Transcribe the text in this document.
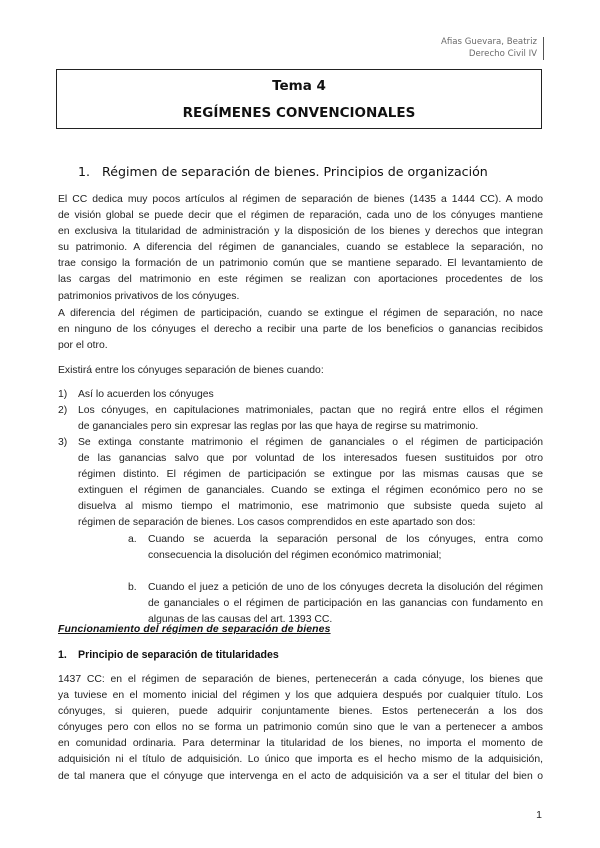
Afias Guevara, Beatriz
Derecho Civil IV
Tema 4
REGÍMENES CONVENCIONALES
1. Régimen de separación de bienes. Principios de organización
El CC dedica muy pocos artículos al régimen de separación de bienes (1435 a 1444 CC). A modo
de visión global se puede decir que el régimen de reparación, cada uno de los cónyuges mantiene
en exclusiva la titularidad de administración y la disposición de los bienes y derechos que integran
su patrimonio. A diferencia del régimen de gananciales, cuando se establece la separación, no
trae consigo la formación de un patrimonio común que se mantiene separado. El levantamiento de
las cargas del matrimonio en este régimen se realizan con aportaciones procedentes de los
patrimonios privativos de los cónyuges.
A diferencia del régimen de participación, cuando se extingue el régimen de separación, no nace
en ninguno de los cónyuges el derecho a recibir una parte de los beneficios o ganancias recibidos
por el otro.
Existirá entre los cónyuges separación de bienes cuando:
1)	Así lo acuerden los cónyuges
2)	Los cónyuges, en capitulaciones matrimoniales, pactan que no regirá entre ellos el régimen
de gananciales pero sin expresar las reglas por las que haya de regirse su matrimonio.
3)	Se extinga constante matrimonio el régimen de gananciales o el régimen de participación
de las ganancias salvo que por voluntad de los interesados fuesen sustituidos por otro
régimen distinto. El régimen de participación se extingue por las mismas causas que se
extinguen el régimen de gananciales. Cuando se extinga el régimen económico pero no se
disuelva al mismo tiempo el matrimonio, ese matrimonio que subsiste queda sujeto al
régimen de separación de bienes. Los casos comprendidos en este apartado son dos:
a.	Cuando se acuerda la separación personal de los cónyuges, entra como
consecuencia la disolución del régimen económico matrimonial;
b.	Cuando el juez a petición de uno de los cónyuges decreta la disolución del régimen
de gananciales o el régimen de participación en las ganancias con fundamento en
algunas de las causas del art. 1393 CC.
Funcionamiento del régimen de separación de bienes
1. Principio de separación de titularidades
1437 CC: en el régimen de separación de bienes, pertenecerán a cada cónyuge, los bienes que
ya tuviese en el momento inicial del régimen y los que adquiera después por cualquier título. Los
cónyuges, si quieren, puede adquirir conjuntamente bienes. Estos pertenecerán a los dos
cónyuges pero con ellos no se forma un patrimonio común sino que le van a pertenecer a ambos
en comunidad ordinaria. Para determinar la titularidad de los bienes, no importa el momento de
adquisición ni el título de adquisición. Lo único que importa es el hecho mismo de la adquisición,
de tal manera que el cónyuge que intervenga en el acto de adquisición va a ser el titular del bien o
1
